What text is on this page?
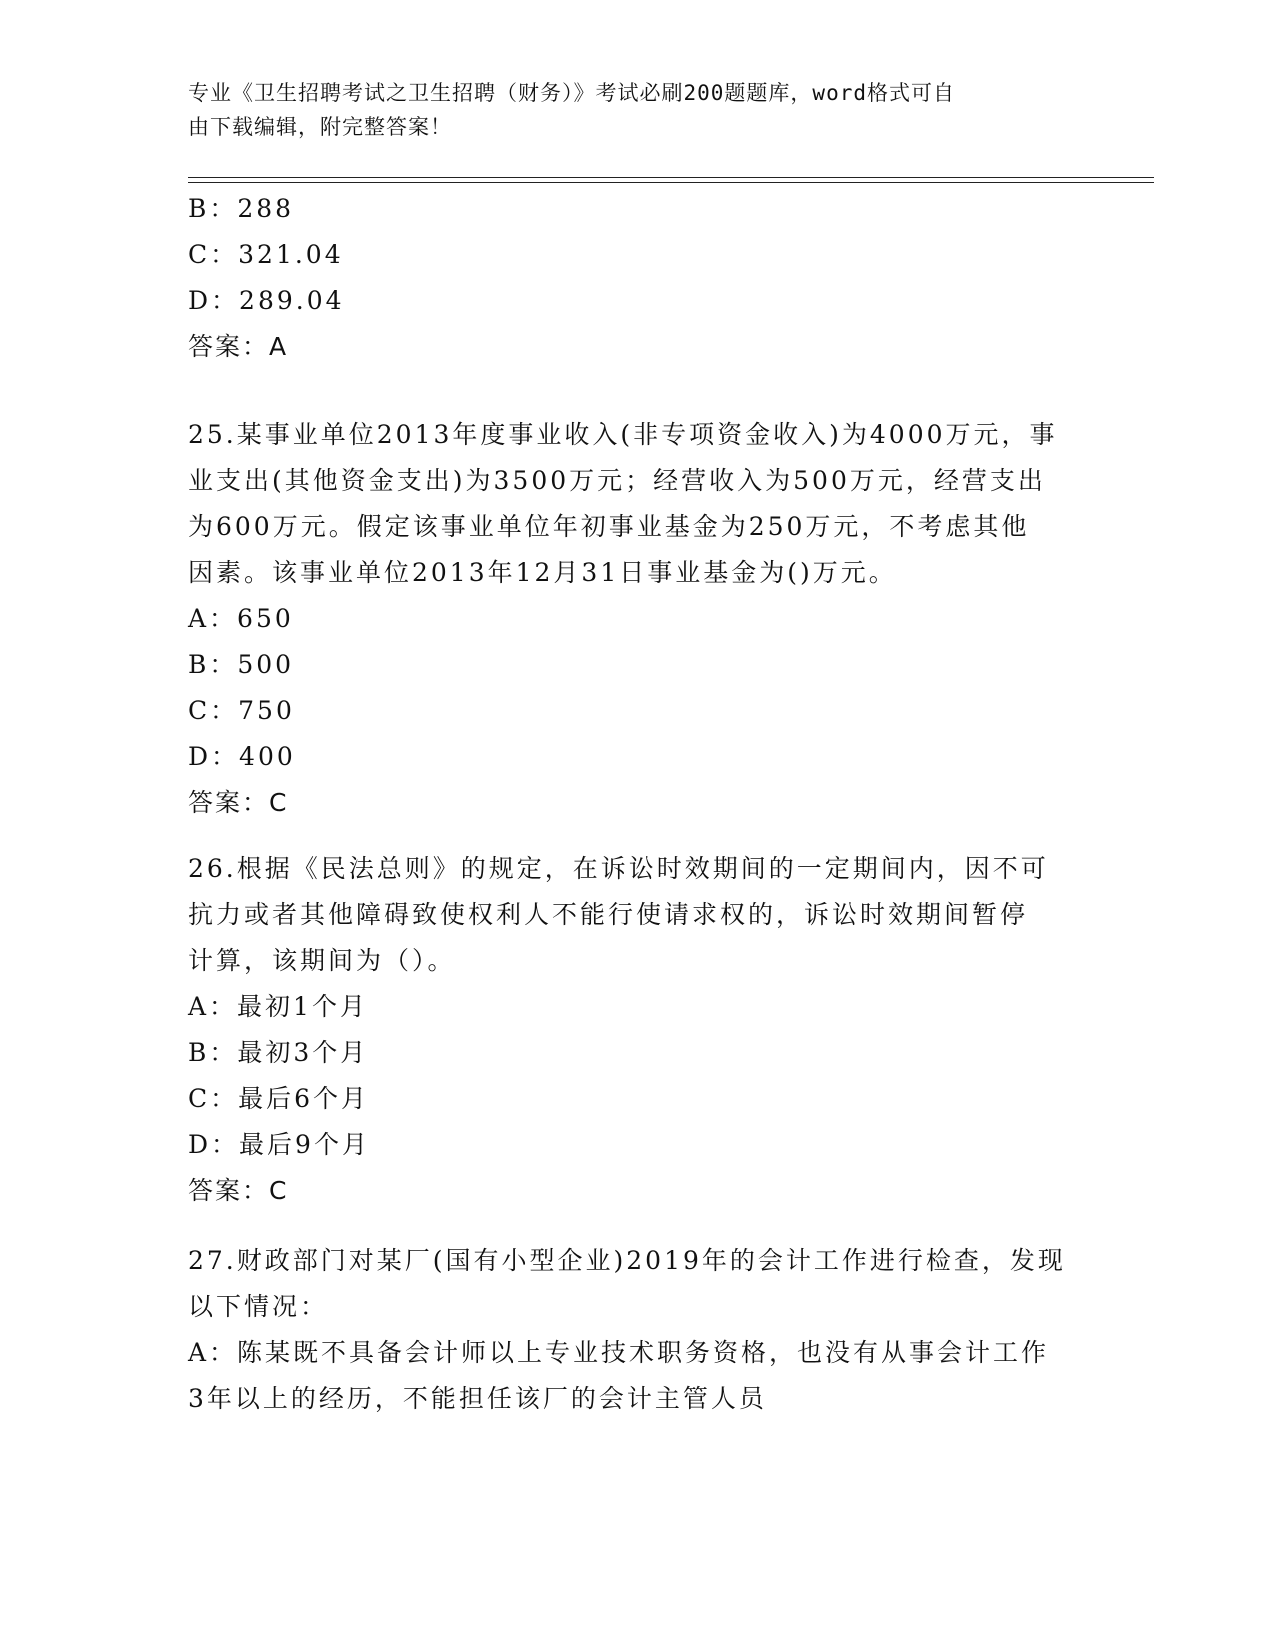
专业《卫生招聘考试之卫生招聘（财务）》考试必刷200题题库，word格式可自
由下载编辑，附完整答案！
B：288
C：321.04
D：289.04
答案：A
25.某事业单位2013年度事业收入(非专项资金收入)为4000万元，事
业支出(其他资金支出)为3500万元；经营收入为500万元，经营支出
为600万元。假定该事业单位年初事业基金为250万元，不考虑其他
因素。该事业单位2013年12月31日事业基金为()万元。
A：650
B：500
C：750
D：400
答案：C
26.根据《民法总则》的规定，在诉讼时效期间的一定期间内，因不可
抗力或者其他障碍致使权利人不能行使请求权的，诉讼时效期间暂停
计算，该期间为（）。
A：最初1个月
B：最初3个月
C：最后6个月
D：最后9个月
答案：C
27.财政部门对某厂(国有小型企业)2019年的会计工作进行检查，发现
以下情况：
A：陈某既不具备会计师以上专业技术职务资格，也没有从事会计工作
3年以上的经历，不能担任该厂的会计主管人员
